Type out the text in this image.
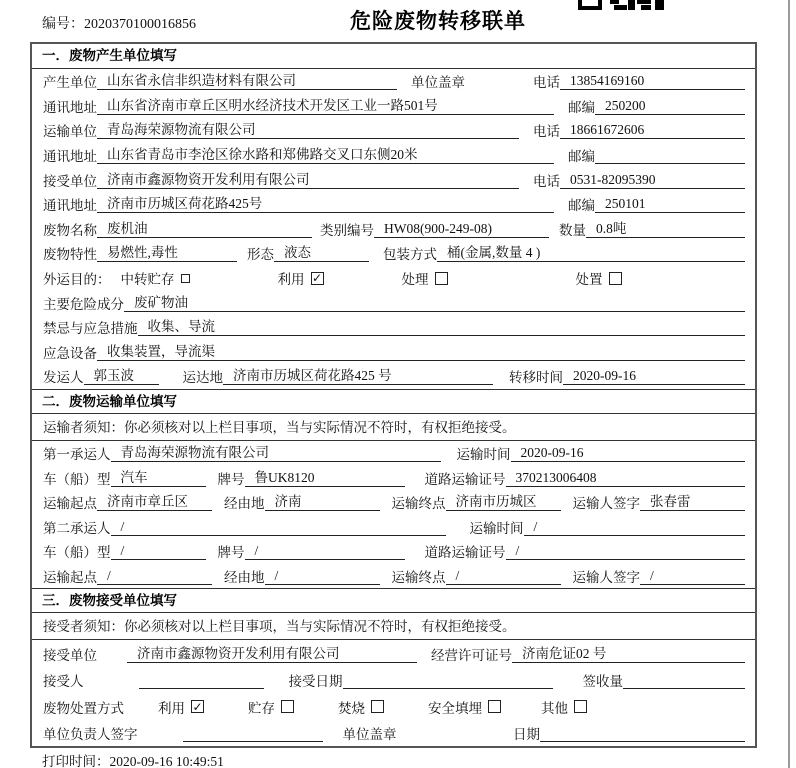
编号：2020370100016856	危险废物转移联单
一．废物产生单位填写
产生单位 山东省永信非织造材料有限公司	单位盖章	电话 13854169160
通讯地址 山东省济南市章丘区明水经济技术开发区工业一路501号	邮编 250200
运输单位 青岛海荣源物流有限公司	电话 18661672606
通讯地址 山东省青岛市李沧区徐水路和郑佛路交叉口东侧20米	邮编
接受单位 济南市鑫源物资开发利用有限公司	电话 0531-82095390
通讯地址 济南市历城区荷花路425号	邮编 250101
废物名称 废机油	类别编号 HW08(900-249-08)	数量 0.8吨
废物特性 易燃性,毒性	形态 液态	包装方式 桶(金属,数量 4 )
外运目的： 中转贮存	利用 ✓	处理	处置
主要危险成分 废矿物油
禁忌与应急措施 收集、导流
应急设备 收集装置，导流渠
发运人 郭玉波	运达地 济南市历城区荷花路425 号	转移时间 2020-09-16
二．废物运输单位填写
运输者须知：你必须核对以上栏目事项，当与实际情况不符时，有权拒绝接受。
第一承运人 青岛海荣源物流有限公司	运输时间 2020-09-16
车（船）型 汽车	牌号 鲁UK8120	道路运输证号 370213006408
运输起点 济南市章丘区	经由地 济南	运输终点 济南市历城区	运输人签字 张春雷
第二承运人 /	运输时间 /
车（船）型 /	牌号 /	道路运输证号 /
运输起点 /	经由地 /	运输终点 /	运输人签字 /
三．废物接受单位填写
接受者须知：你必须核对以上栏目事项，当与实际情况不符时，有权拒绝接受。
接受单位	济南市鑫源物资开发利用有限公司	经营许可证号 济南危证02 号
接受人	接受日期	签收量
废物处置方式	利用 ✓	贮存	焚烧	安全填埋	其他
单位负责人签字	单位盖章	日期
打印时间：2020-09-16 10:49:51
